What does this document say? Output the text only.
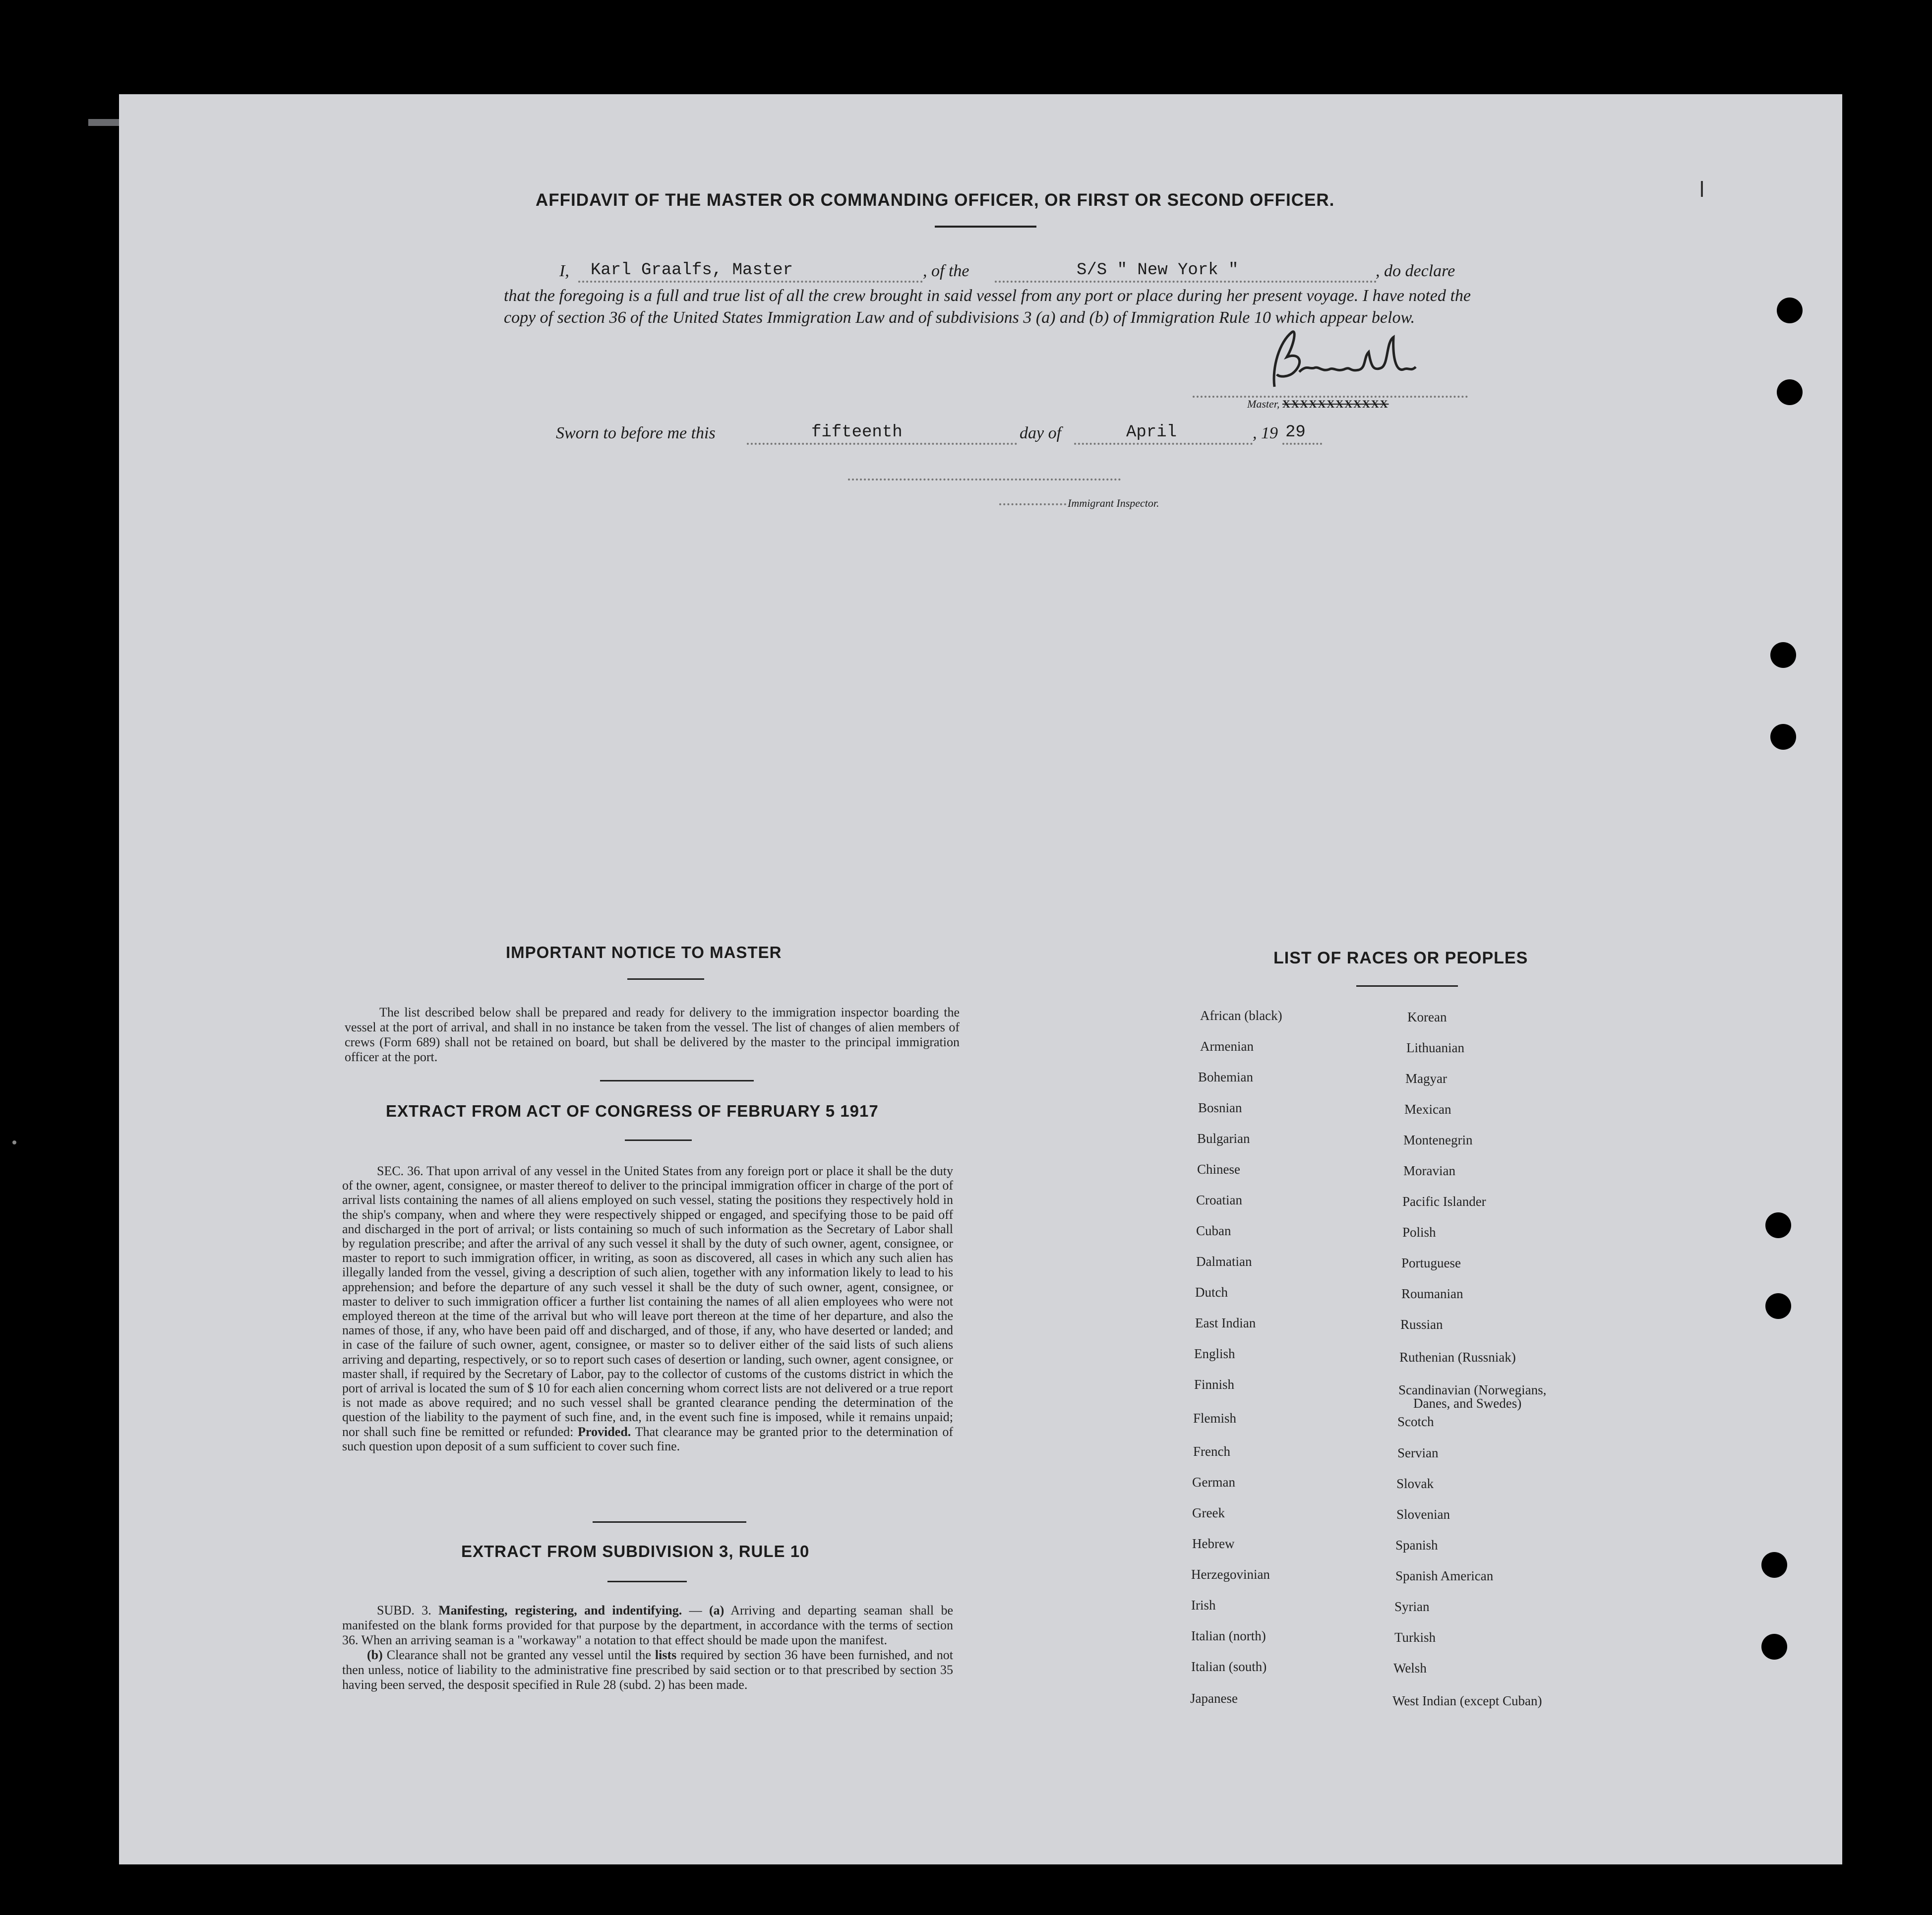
AFFIDAVIT OF THE MASTER OR COMMANDING OFFICER, OR FIRST OR SECOND OFFICER.
I, Karl Graalfs, Master	, of the	S/S " New York "	, do declare
that the foregoing is a full and true list of all the crew brought in said vessel from any port or place during her present voyage. I have noted the copy of section 36 of the United States Immigration Law and of subdivisions 3 (a) and (b) of Immigration Rule 10 which appear below.
Master, XXXXXXXXXXXX
Sworn to before me this	fifteenth	day of	April	, 19 29
Immigrant Inspector.
IMPORTANT NOTICE TO MASTER

The list described below shall be prepared and ready for delivery to the immigration inspector boarding the vessel at the port of arrival, and shall in no instance be taken from the vessel. The list of changes of alien members of crews (Form 689) shall not be retained on board, but shall be delivered by the master to the principal immigration officer at the port.

EXTRACT FROM ACT OF CONGRESS OF FEBRUARY 5 1917

SEC. 36. That upon arrival of any vessel in the United States from any foreign port or place it shall be the duty of the owner, agent, consignee, or master thereof to deliver to the principal immigration officer in charge of the port of arrival lists containing the names of all aliens employed on such vessel, stating the positions they respectively hold in the ship's company, when and where they were respectively shipped or engaged, and specifying those to be paid off and discharged in the port of arrival; or lists containing so much of such information as the Secretary of Labor shall by regulation prescribe; and after the arrival of any such vessel it shall by the duty of such owner, agent, consignee, or master to report to such immigration officer, in writing, as soon as discovered, all cases in which any such alien has illegally landed from the vessel, giving a description of such alien, together with any information likely to lead to his apprehension; and before the departure of any such vessel it shall be the duty of such owner, agent, consignee, or master to deliver to such immigration officer a further list containing the names of all alien employees who were not employed thereon at the time of the arrival but who will leave port thereon at the time of her departure, and also the names of those, if any, who have been paid off and discharged, and of those, if any, who have deserted or landed; and in case of the failure of such owner, agent, consignee, or master so to deliver either of the said lists of such aliens arriving and departing, respectively, or so to report such cases of desertion or landing, such owner, agent consignee, or master shall, if required by the Secretary of Labor, pay to the collector of customs of the customs district in which the port of arrival is located the sum of $ 10 for each alien concerning whom correct lists are not delivered or a true report is not made as above required; and no such vessel shall be granted clearance pending the determination of the question of the liability to the payment of such fine, and, in the event such fine is imposed, while it remains unpaid; nor shall such fine be remitted or refunded: Provided. That clearance may be granted prior to the determination of such question upon deposit of a sum sufficient to cover such fine.

EXTRACT FROM SUBDIVISION 3, RULE 10

SUBD. 3. Manifesting, registering, and indentifying. — (a) Arriving and departing seaman shall be manifested on the blank forms provided for that purpose by the department, in accordance with the terms of section 36. When an arriving seaman is a "workaway" a notation to that effect should be made upon the manifest.

(b) Clearance shall not be granted any vessel until the lists required by section 36 have been furnished, and not then unless, notice of liability to the administrative fine prescribed by said section or to that prescribed by section 35 having been served, the desposit specified in Rule 28 (subd. 2) has been made.

LIST OF RACES OR PEOPLES
African (black)
Armenian
Bohemian
Bosnian
Bulgarian
Chinese
Croatian
Cuban
Dalmatian
Dutch
East Indian
English
Finnish
Flemish
French
German
Greek
Hebrew
Herzegovinian
Irish
Italian (north)
Italian (south)
Japanese
Korean
Lithuanian
Magyar
Mexican
Montenegrin
Moravian
Pacific Islander
Polish
Portuguese
Roumanian
Russian
Ruthenian (Russniak)
Scandinavian (Norwegians,
Scotch
Servian
Slovak
Slovenian
Spanish
Spanish American
Syrian
Turkish
Welsh
West Indian (except Cuban)
Danes, and Swedes)
